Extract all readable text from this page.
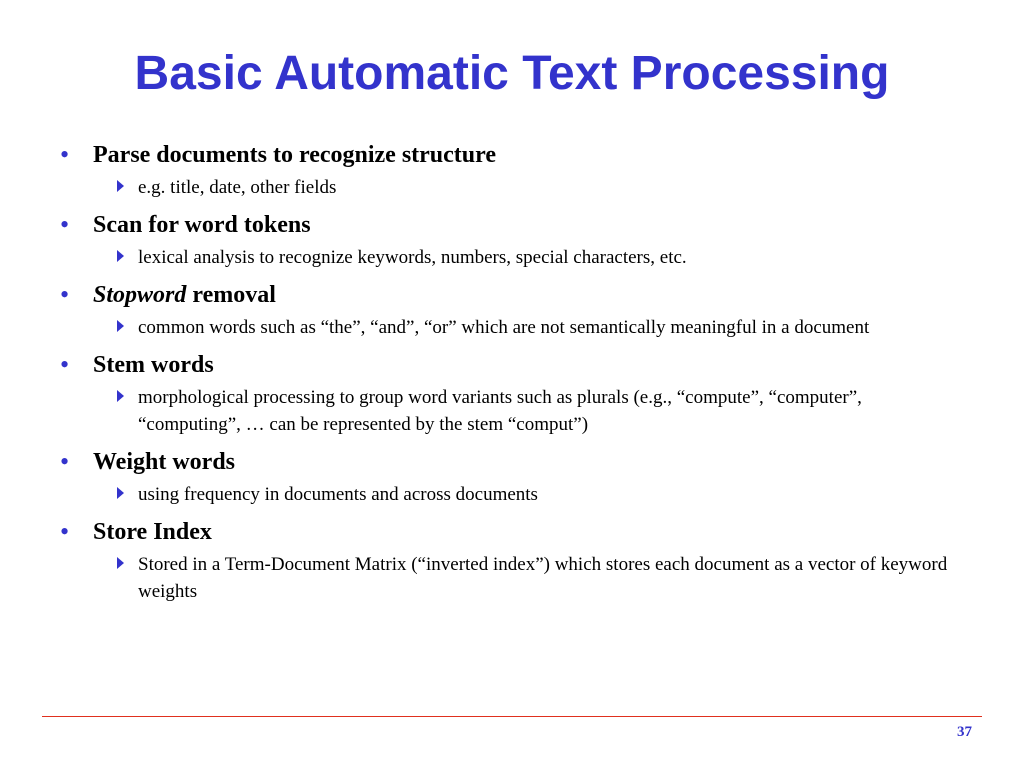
Basic Automatic Text Processing
• Parse documents to recognize structure
e.g. title, date, other fields
• Scan for word tokens
lexical analysis to recognize keywords, numbers, special characters, etc.
• Stopword removal
common words such as “the”, “and”, “or” which are not semantically meaningful in a document
• Stem words
morphological processing to group word variants such as plurals (e.g., “compute”, “computer”, “computing”, … can be represented by the stem “comput”)
• Weight words
using frequency in documents and across documents
• Store Index
Stored in a Term-Document Matrix (“inverted index”) which stores each document as a vector of keyword weights
37
